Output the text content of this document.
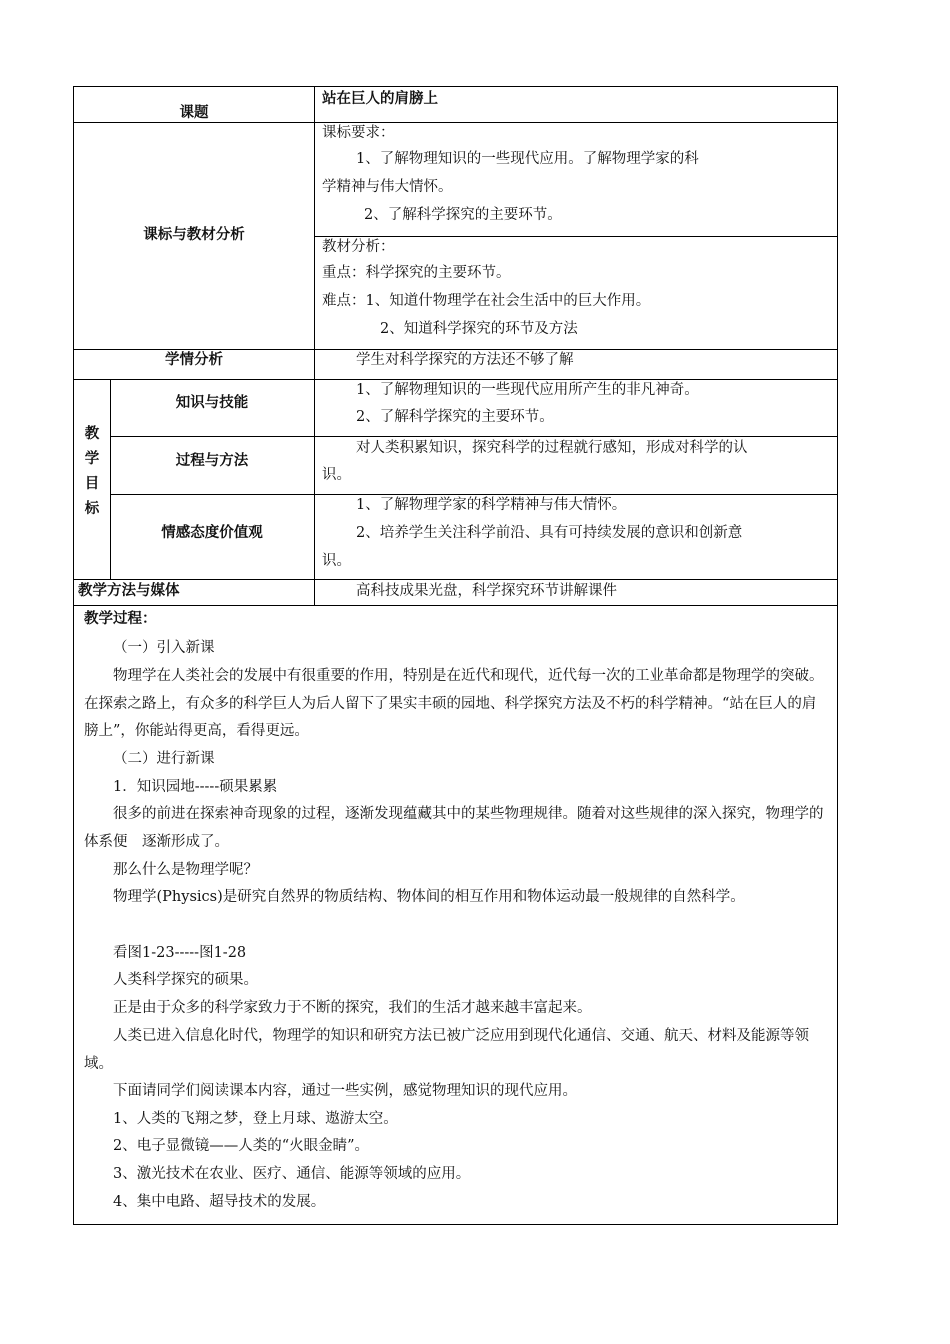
课题
站在巨人的肩膀上
课标与教材分析
课标要求：
1、了解物理知识的一些现代应用。了解物理学家的科
学精神与伟大情怀。
2、了解科学探究的主要环节。
教材分析：
重点：科学探究的主要环节。
难点：1、知道什物理学在社会生活中的巨大作用。
2、知道科学探究的环节及方法
学情分析	学生对科学探究的方法还不够了解
教
学
目
标
知识与技能
1、了解物理知识的一些现代应用所产生的非凡神奇。
2、了解科学探究的主要环节。
过程与方法
对人类积累知识，探究科学的过程就行感知，形成对科学的认
识。
情感态度价值观
1、了解物理学家的科学精神与伟大情怀。
2、培养学生关注科学前沿、具有可持续发展的意识和创新意
识。
教学方法与媒体	高科技成果光盘，科学探究环节讲解课件
教学过程：
（一）引入新课
物理学在人类社会的发展中有很重要的作用，特别是在近代和现代，近代每一次的工业革命都是物理学的突破。在探索之路上，有众多的科学巨人为后人留下了果实丰硕的园地、科学探究方法及不朽的科学精神。“站在巨人的肩膀上”，你能站得更高，看得更远。
（二）进行新课
1．知识园地-----硕果累累
很多的前进在探索神奇现象的过程，逐渐发现蕴藏其中的某些物理规律。随着对这些规律的深入探究，物理学的体系便　逐渐形成了。
那么什么是物理学呢？
物理学(Physics)是研究自然界的物质结构、物体间的相互作用和物体运动最一般规律的自然科学。
看图1-23-----图1-28
人类科学探究的硕果。
正是由于众多的科学家致力于不断的探究，我们的生活才越来越丰富起来。
人类已进入信息化时代，物理学的知识和研究方法已被广泛应用到现代化通信、交通、航天、材料及能源等领域。
下面请同学们阅读课本内容，通过一些实例，感觉物理知识的现代应用。
1、人类的飞翔之梦，登上月球、遨游太空。
2、电子显微镜——人类的“火眼金睛”。
3、激光技术在农业、医疗、通信、能源等领域的应用。
4、集中电路、超导技术的发展。
